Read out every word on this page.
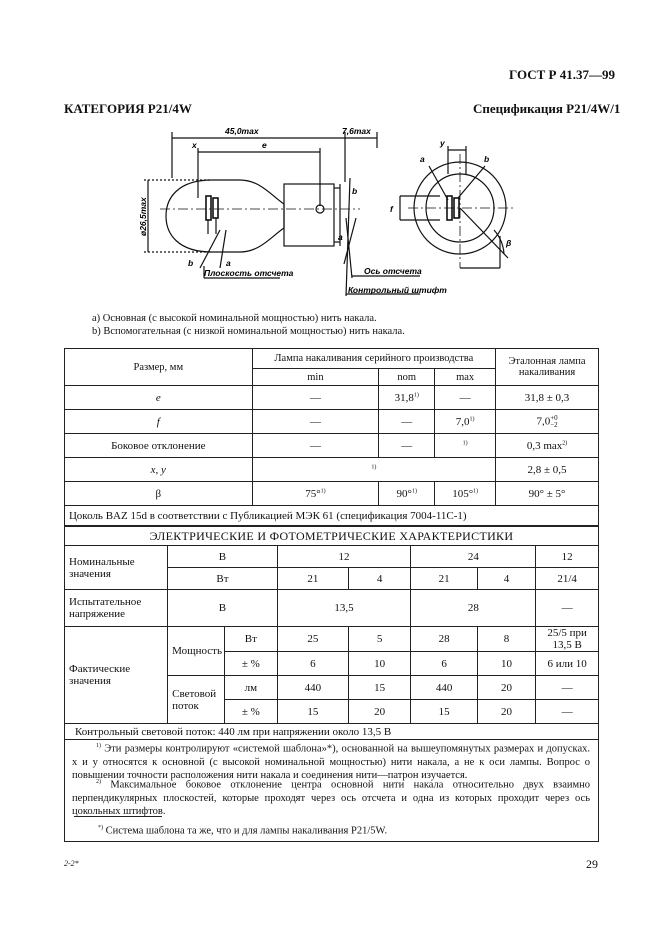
ГОСТ Р 41.37—99
КАТЕГОРИЯ P21/4W	Спецификация P21/4W/1
45,0max	7,6max
x	e
ø26,5max
b	a
Плоскость отсчета
b
a
Ось отсчета
Контрольный штифт
y
a	b
f
β
a) Основная (с высокой номинальной мощностью) нить накала.
b) Вспомогательная (с низкой номинальной мощностью) нить накала.
Размер, мм	Лампа накаливания серийного производства			Эталонная лампа накаливания
	min	nom	max	
e	—	31,8$^{1)}$	—	31,8 ± 0,3
f	—	—	7,0$^{1)}$	7,0+0
−2
Боковое отклонение	—	—	$^{1)}$	0,3 $\max^{2)}$
x, y	$^{1)}$			2,8 ± 0,5
β	75°$^{1)}$	90°$^{1)}$	105°$^{1)}$	90° ± 5°
Цоколь BAZ 15d в соответствии с Публикацией МЭК 61 (спецификация 7004-11C-1)				
ЭЛЕКТРИЧЕСКИЕ И ФОТОМЕТРИЧЕСКИЕ ХАРАКТЕРИСТИКИ							
Номинальные значения	В		12		24		12
	Вт		21	4	21	4	21/4
Испытательное напряжение	В		13,5		28		—
Фактические значения	Мощность	Вт	25	5	28	8	25/5 при 13,5 В
		± %	6	10	6	10	6 или 10
	Световой поток	лм	440	15	440	20	—
		± %	15	20	15	20	—
Контрольный световой поток: 440 лм при напряжении около 13,5 В							
$^{1)}$ Эти размеры контролируют «системой шаблона»*), основанной на вышеупомянутых размерах и допусках. x и y относятся к основной (с высокой номинальной мощностью) нити накала, а не к оси лампы. Вопрос о повышении точности расположения нити накала и соединения нити—патрон изучается.
$^{2)}$ Максимальное боковое отклонение центра основной нити накала относительно двух взаимно перпендикулярных плоскостей, которые проходят через ось отсчета и одна из которых проходит через ось цокольных штифтов.
*) Система шаблона та же, что и для лампы накаливания P21/5W.
2-2*	29
